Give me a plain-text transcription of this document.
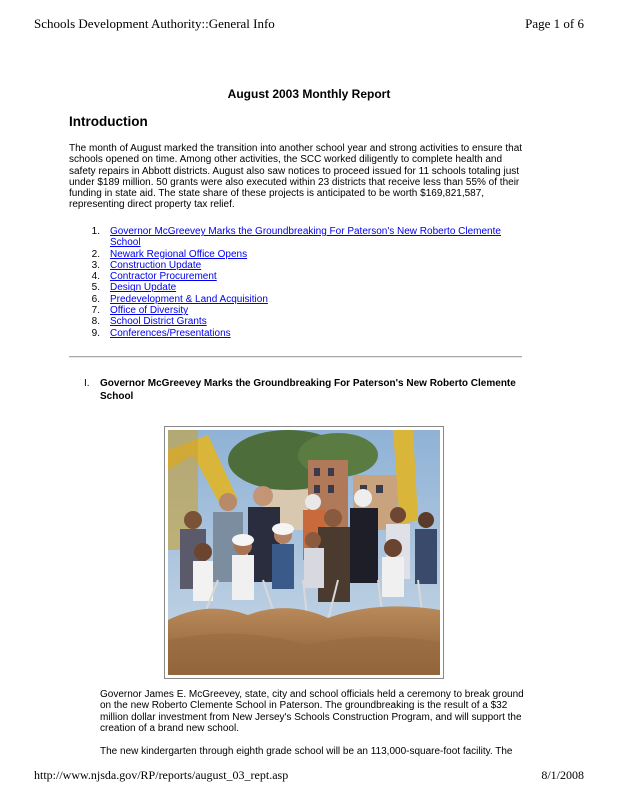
Schools Development Authority::General Info	Page 1 of 6
August 2003 Monthly Report
Introduction

The month of August marked the transition into another school year and strong activities to ensure that schools opened on time. Among other activities, the SCC worked diligently to complete health and safety repairs in Abbott districts. August also saw notices to proceed issued for 11 schools totaling just under $189 million. 50 grants were also executed within 23 districts that receive less than 55% of their funding in state aid. The state share of these projects is anticipated to be worth $169,821,587, representing direct property tax relief.

1. Governor McGreevey Marks the Groundbreaking For Paterson's New Roberto Clemente School
2. Newark Regional Office Opens
3. Construction Update
4. Contractor Procurement
5. Design Update
6. Predevelopment & Land Acquisition
7. Office of Diversity
8. School District Grants
9. Conferences/Presentations
I. Governor McGreevey Marks the Groundbreaking For Paterson's New Roberto Clemente School

Governor James E. McGreevey, state, city and school officials held a ceremony to break ground on the new Roberto Clemente School in Paterson. The groundbreaking is the result of a $32 million dollar investment from New Jersey's Schools Construction Program, and will support the creation of a brand new school.

The new kindergarten through eighth grade school will be an 113,000-square-foot facility. The

http://www.njsda.gov/RP/reports/august_03_rept.asp	8/1/2008
